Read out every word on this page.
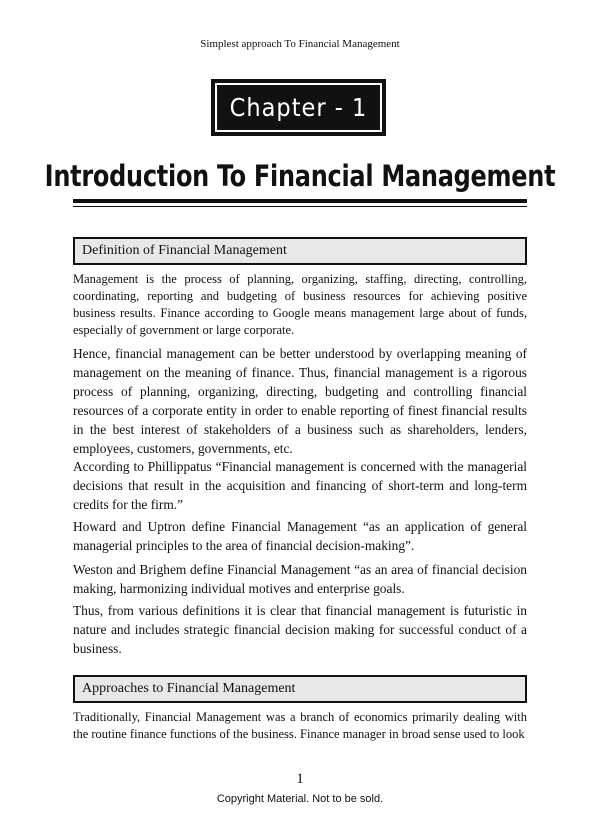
Simplest approach To Financial Management
Chapter - 1
Introduction To Financial Management
Definition of Financial Management

Management is the process of planning, organizing, staffing, directing, controlling, coordinating, reporting and budgeting of business resources for achieving positive business results. Finance according to Google means management large about of funds, especially of government or large corporate.

Hence, financial management can be better understood by overlapping meaning of management on the meaning of finance. Thus, financial management is a rigorous process of planning, organizing, directing, budgeting and controlling financial resources of a corporate entity in order to enable reporting of finest financial results in the best interest of stakeholders of a business such as shareholders, lenders, employees, customers, governments, etc.

According to Phillippatus “Financial management is concerned with the managerial decisions that result in the acquisition and financing of short-term and long-term credits for the firm.”

Howard and Uptron define Financial Management “as an application of general managerial principles to the area of financial decision-making”.

Weston and Brighem define Financial Management “as an area of financial decision making, harmonizing individual motives and enterprise goals.

Thus, from various definitions it is clear that financial management is futuristic in nature and includes strategic financial decision making for successful conduct of a business.

Approaches to Financial Management

Traditionally, Financial Management was a branch of economics primarily dealing with the routine finance functions of the business. Finance manager in broad sense used to look

1
Copyright Material. Not to be sold.
